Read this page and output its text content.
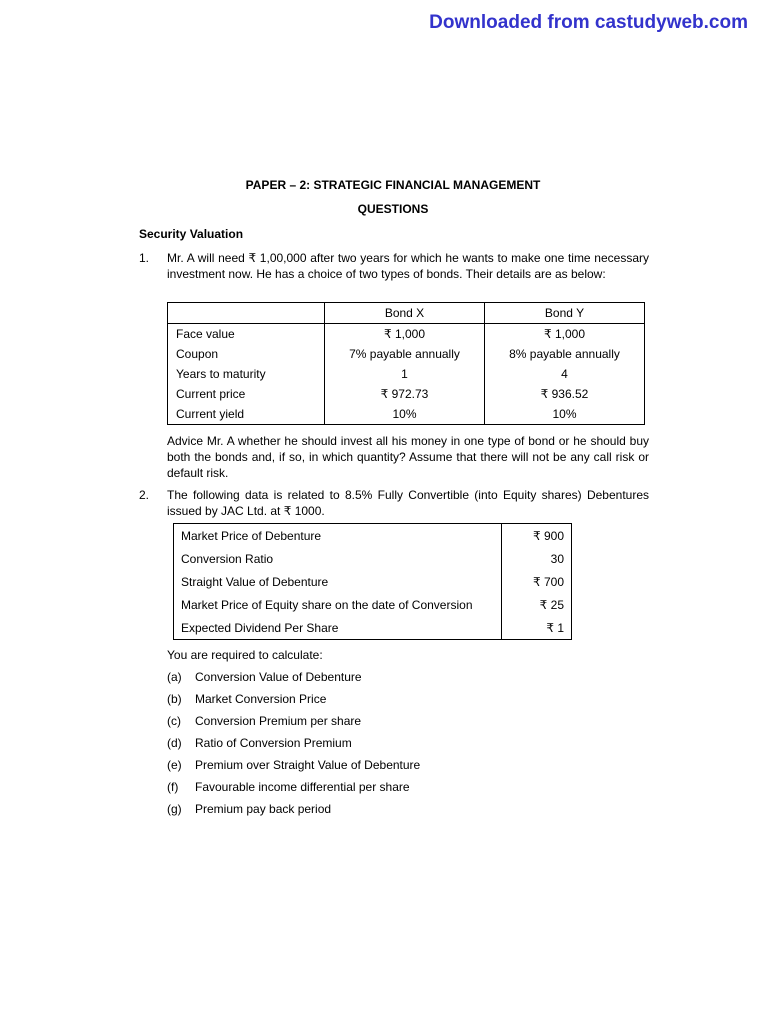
Downloaded from castudyweb.com
PAPER – 2: STRATEGIC FINANCIAL MANAGEMENT
QUESTIONS
Security Valuation
1. Mr. A will need ₹ 1,00,000 after two years for which he wants to make one time necessary investment now. He has a choice of two types of bonds. Their details are as below:
	Bond X	Bond Y
Face value	₹ 1,000	₹ 1,000
Coupon	7% payable annually	8% payable annually
Years to maturity	1	4
Current price	₹ 972.73	₹ 936.52
Current yield	10%	10%
Advice Mr. A whether he should invest all his money in one type of bond or he should buy both the bonds and, if so, in which quantity? Assume that there will not be any call risk or default risk.
2. The following data is related to 8.5% Fully Convertible (into Equity shares) Debentures issued by JAC Ltd. at ₹ 1000.
Market Price of Debenture	₹ 900
Conversion Ratio	30
Straight Value of Debenture	₹ 700
Market Price of Equity share on the date of Conversion	₹ 25
Expected Dividend Per Share	₹ 1
You are required to calculate:
(a) Conversion Value of Debenture
(b) Market Conversion Price
(c) Conversion Premium per share
(d) Ratio of Conversion Premium
(e) Premium over Straight Value of Debenture
(f) Favourable income differential per share
(g) Premium pay back period
